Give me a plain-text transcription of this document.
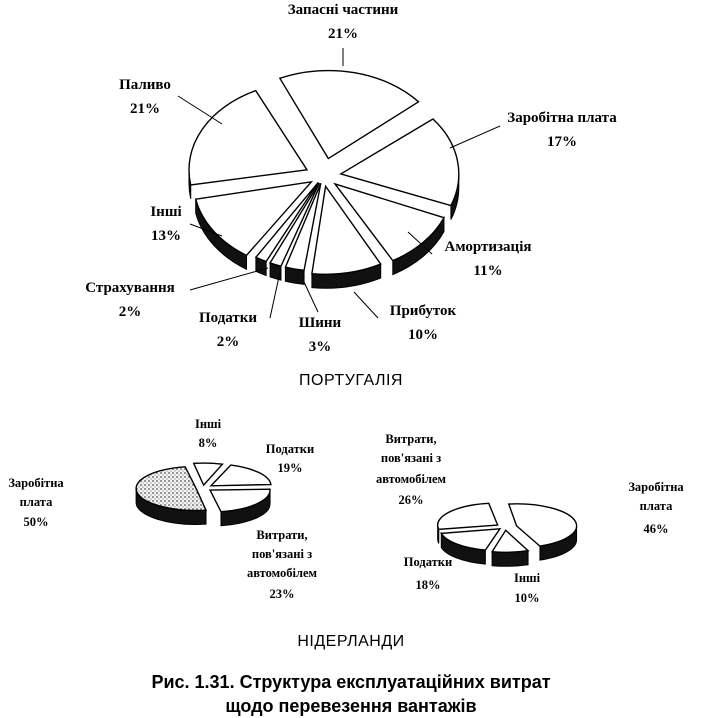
Запасні частини
21%
Заробітна плата
17%
Амортизація
11%
Прибуток
10%
Шини
3%
Податки
2%
Страхування
2%
Інші
13%
Паливо
21%
Інші
8%	Податки
19%
Витрати,
пов'язані з
автомобілем
23%
Заробітна
плата
50%
Заробітна
плата
46%
Інші
10%
Податки
18%
Витрати,
пов'язані з
автомобілем
26%
ПОРТУГАЛІЯ
НІДЕРЛАНДИ
Рис. 1.31. Структура експлуатаційних витрат
щодо перевезення вантажів
